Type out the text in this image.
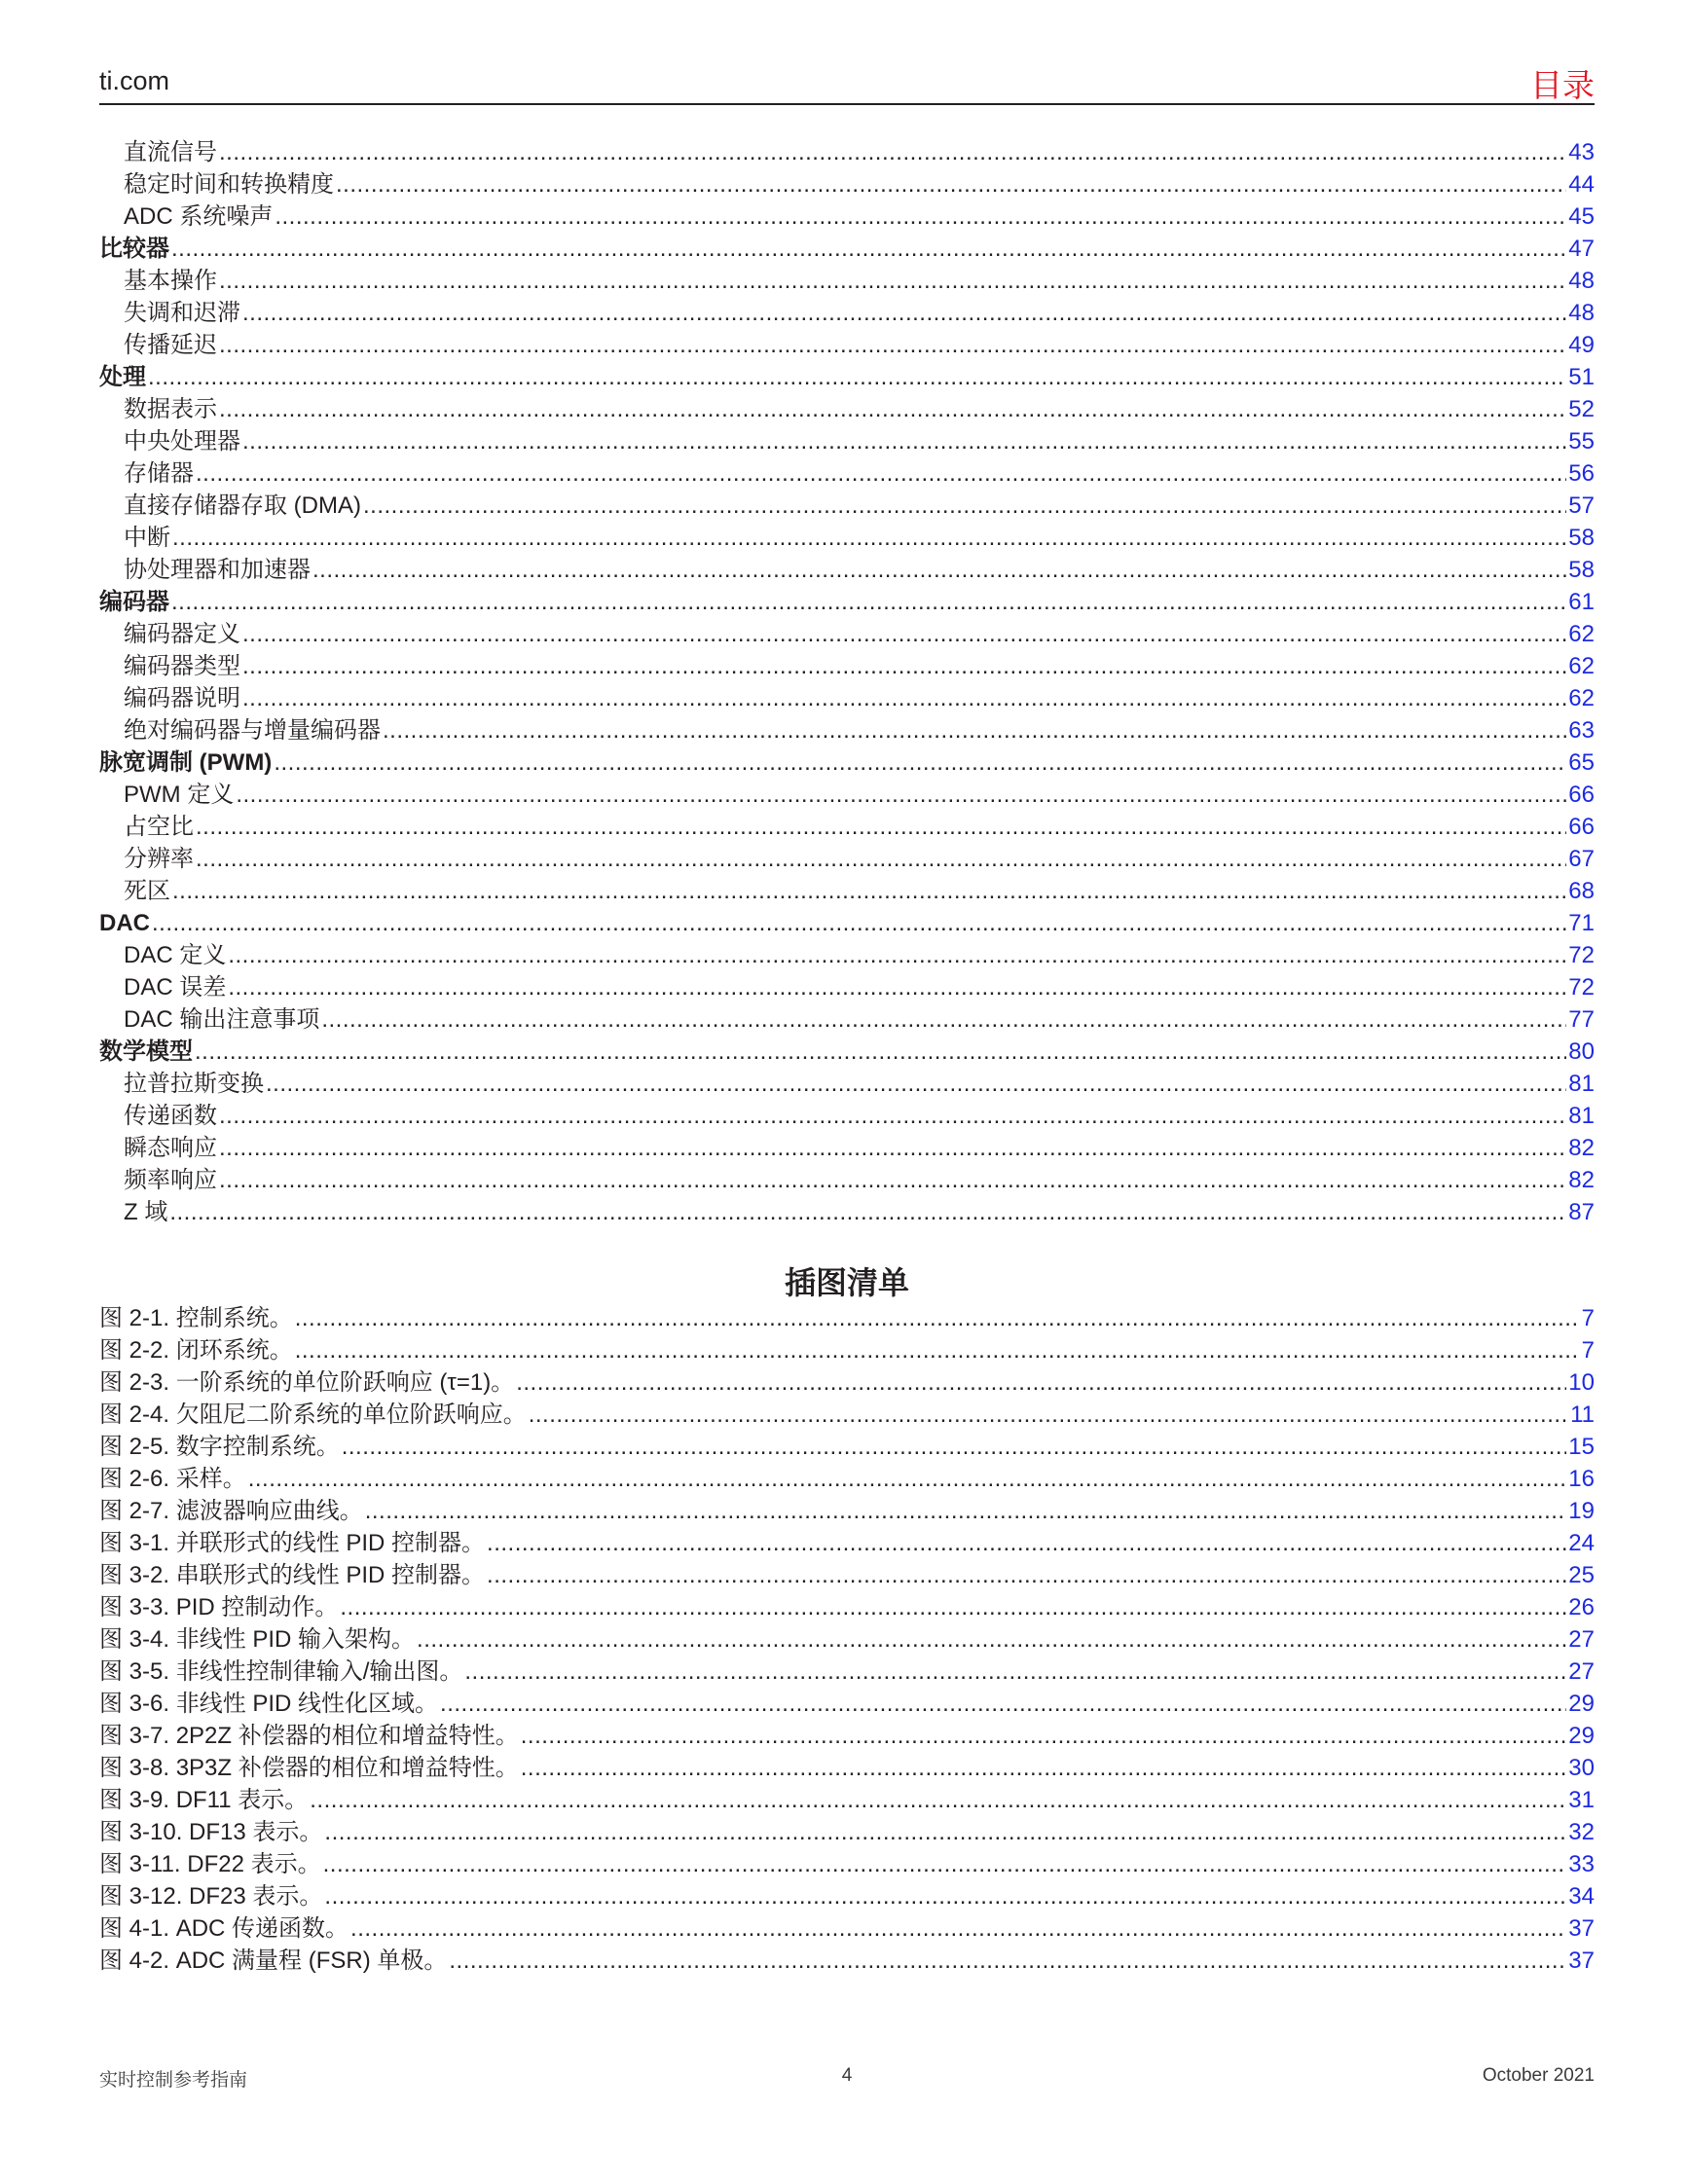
ti.com	目录
直流信号 .....	43
稳定时间和转换精度 .....	44
ADC 系统噪声 .....	45
比较器 .....	47
基本操作 .....	48
失调和迟滞 .....	48
传播延迟 .....	49
处理 .....	51
数据表示 .....	52
中央处理器 .....	55
存储器 .....	56
直接存储器存取 (DMA) .....	57
中断 .....	58
协处理器和加速器 .....	58
编码器 .....	61
编码器定义 .....	62
编码器类型 .....	62
编码器说明 .....	62
绝对编码器与增量编码器 .....	63
脉宽调制 (PWM) .....	65
PWM 定义 .....	66
占空比 .....	66
分辨率 .....	67
死区 .....	68
DAC .....	71
DAC 定义 .....	72
DAC 误差 .....	72
DAC 输出注意事项 .....	77
数学模型 .....	80
拉普拉斯变换 .....	81
传递函数 .....	81
瞬态响应 .....	82
频率响应 .....	82
Z 域 .....	87
插图清单
图 2-1. 控制系统。 .....	7
图 2-2. 闭环系统。 .....	7
图 2-3. 一阶系统的单位阶跃响应 (τ=1)。 .....	10
图 2-4. 欠阻尼二阶系统的单位阶跃响应。 .....	11
图 2-5. 数字控制系统。 .....	15
图 2-6. 采样。 .....	16
图 2-7. 滤波器响应曲线。 .....	19
图 3-1. 并联形式的线性 PID 控制器。 .....	24
图 3-2. 串联形式的线性 PID 控制器。 .....	25
图 3-3. PID 控制动作。 .....	26
图 3-4. 非线性 PID 输入架构。 .....	27
图 3-5. 非线性控制律输入/输出图。 .....	27
图 3-6. 非线性 PID 线性化区域。 .....	29
图 3-7. 2P2Z 补偿器的相位和增益特性。 .....	29
图 3-8. 3P3Z 补偿器的相位和增益特性。 .....	30
图 3-9. DF11 表示。 .....	31
图 3-10. DF13 表示。 .....	32
图 3-11. DF22 表示。 .....	33
图 3-12. DF23 表示。 .....	34
图 4-1. ADC 传递函数。 .....	37
图 4-2. ADC 满量程 (FSR) 单极。 .....	37
实时控制参考指南	4	October 2021
